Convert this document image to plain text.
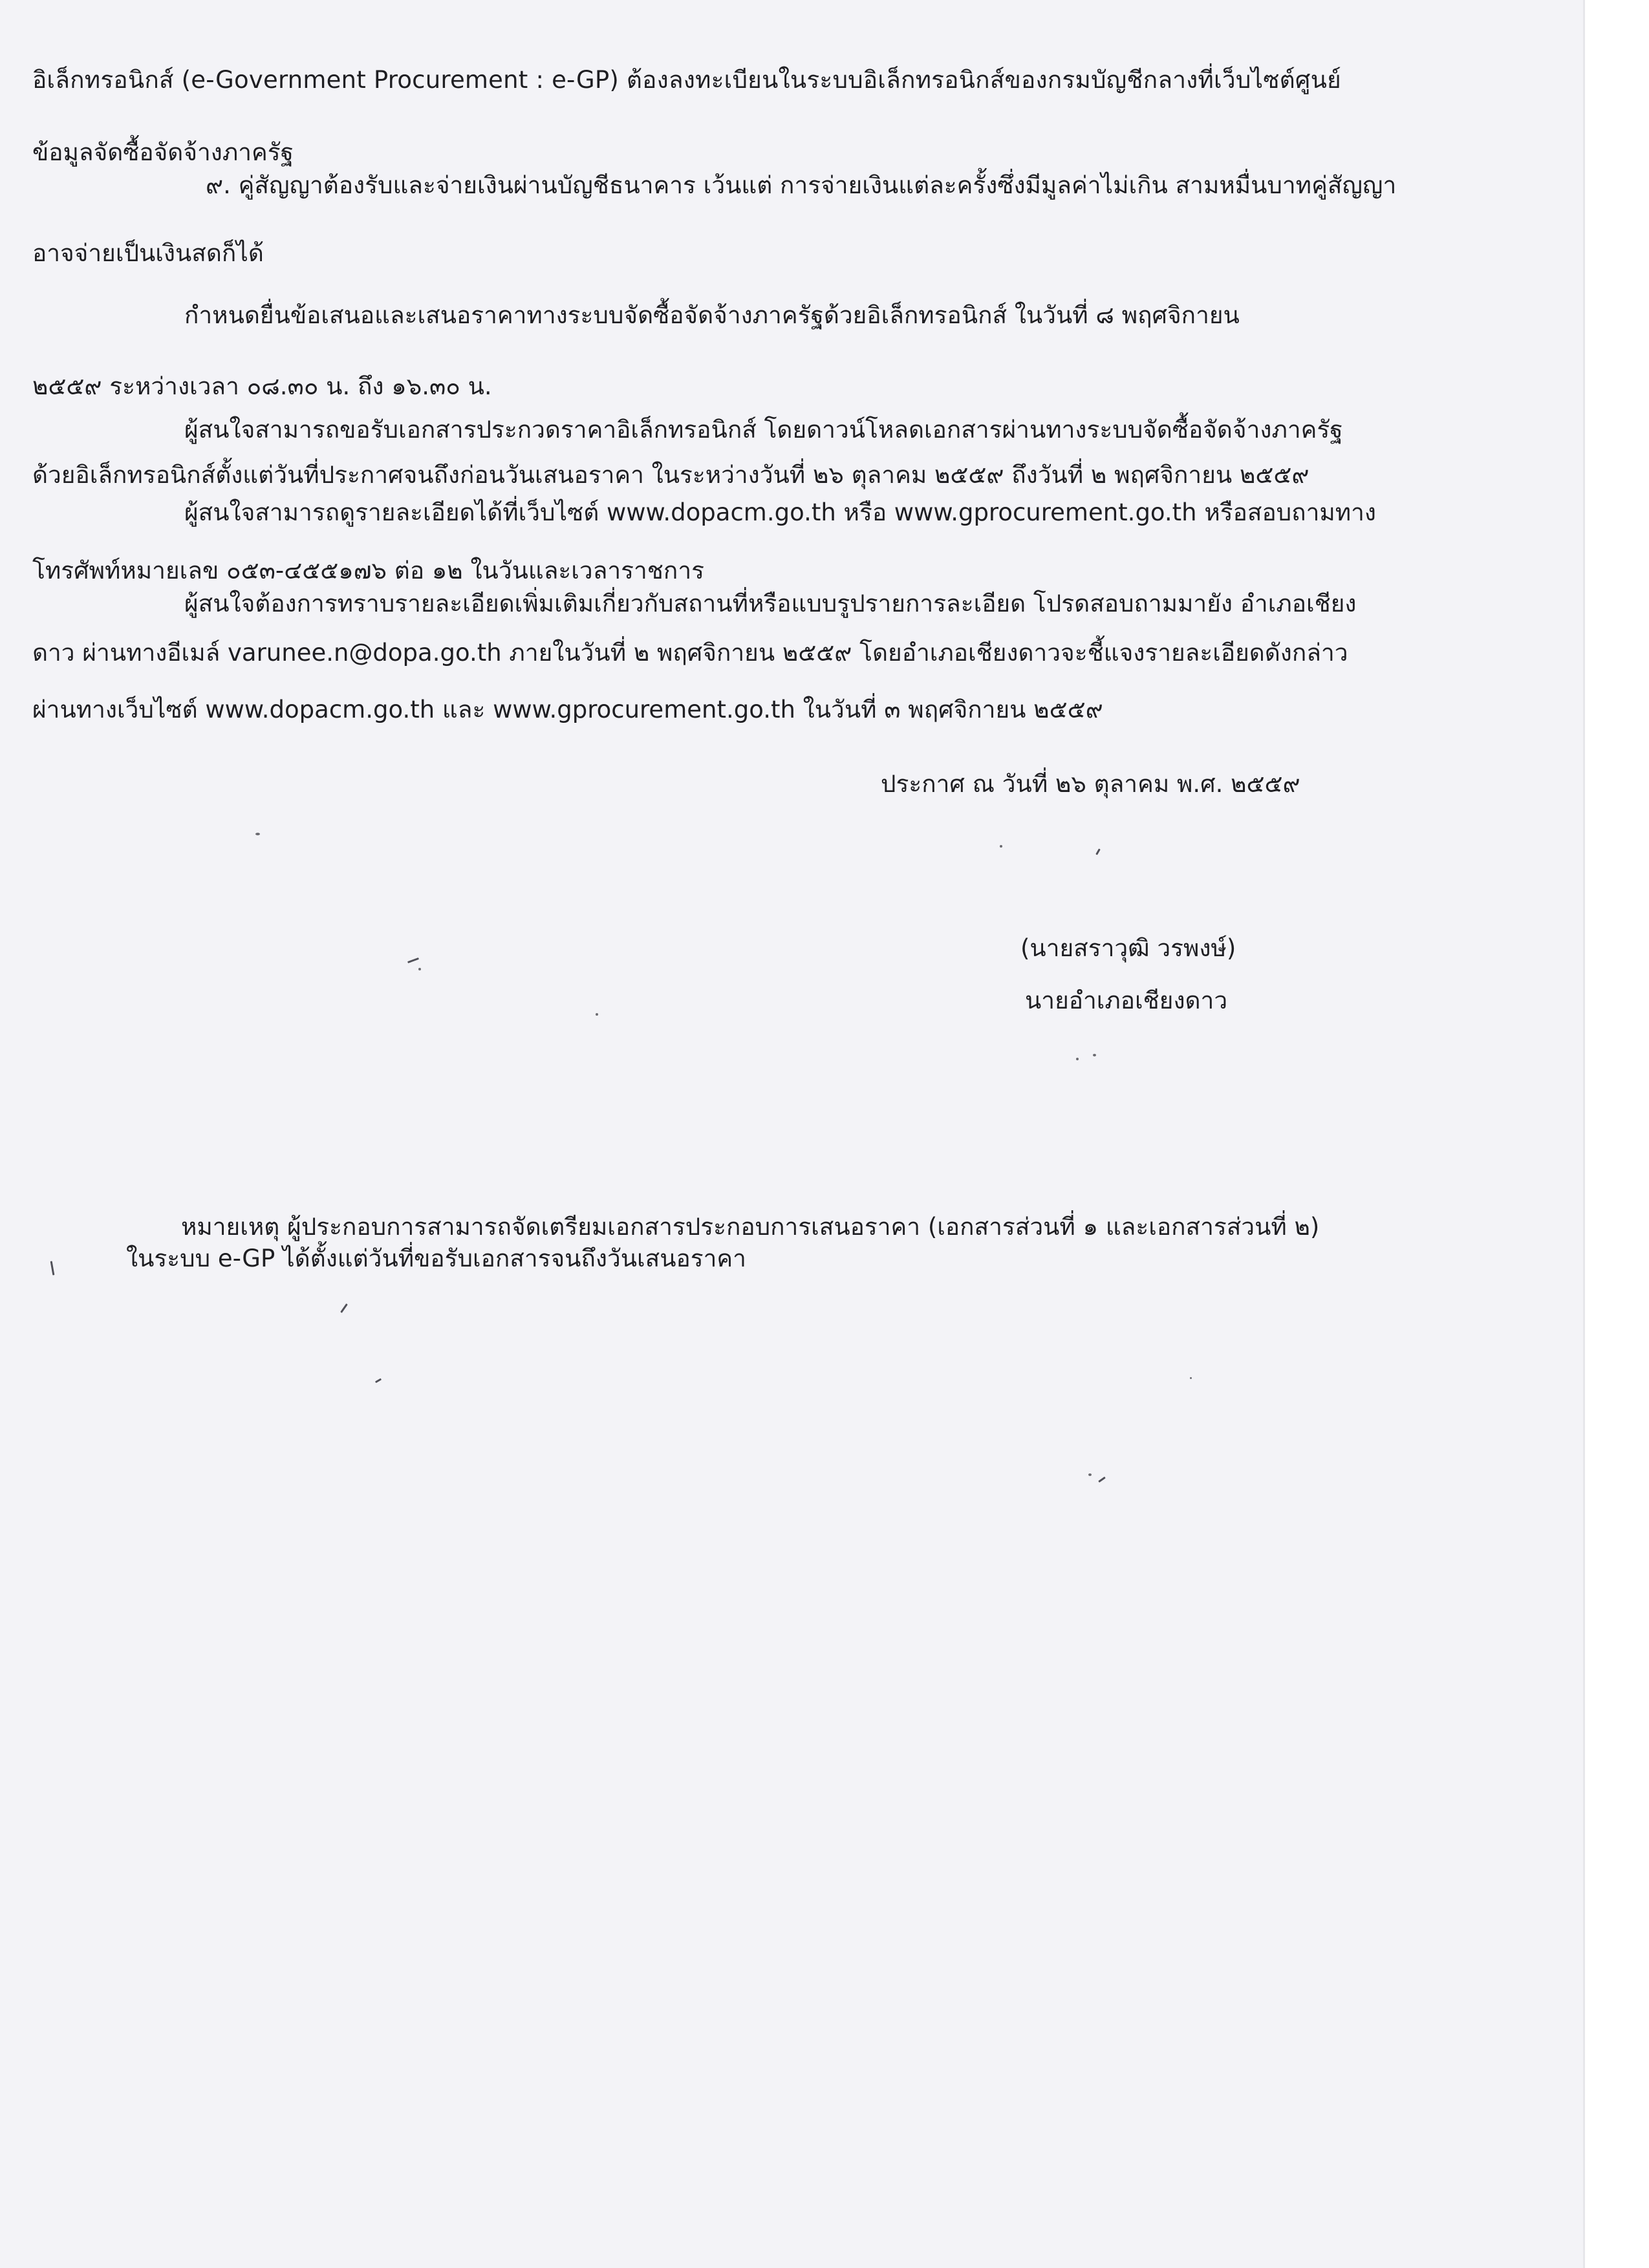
อิเล็กทรอนิกส์ (e-Government Procurement : e-GP) ต้องลงทะเบียนในระบบอิเล็กทรอนิกส์ของกรมบัญชีกลางที่เว็บไซต์ศูนย์
ข้อมูลจัดซื้อจัดจ้างภาครัฐ
๙. คู่สัญญาต้องรับและจ่ายเงินผ่านบัญชีธนาคาร เว้นแต่ การจ่ายเงินแต่ละครั้งซึ่งมีมูลค่าไม่เกิน สามหมื่นบาทคู่สัญญา
อาจจ่ายเป็นเงินสดก็ได้
กำหนดยื่นข้อเสนอและเสนอราคาทางระบบจัดซื้อจัดจ้างภาครัฐด้วยอิเล็กทรอนิกส์ ในวันที่ ๘ พฤศจิกายน
๒๕๕๙ ระหว่างเวลา ๐๘.๓๐ น. ถึง ๑๖.๓๐ น.
ผู้สนใจสามารถขอรับเอกสารประกวดราคาอิเล็กทรอนิกส์ โดยดาวน์โหลดเอกสารผ่านทางระบบจัดซื้อจัดจ้างภาครัฐ
ด้วยอิเล็กทรอนิกส์ตั้งแต่วันที่ประกาศจนถึงก่อนวันเสนอราคา ในระหว่างวันที่ ๒๖ ตุลาคม ๒๕๕๙ ถึงวันที่ ๒ พฤศจิกายน ๒๕๕๙
ผู้สนใจสามารถดูรายละเอียดได้ที่เว็บไซต์ www.dopacm.go.th หรือ www.gprocurement.go.th หรือสอบถามทาง
โทรศัพท์หมายเลข ๐๕๓-๔๕๕๑๗๖ ต่อ ๑๒ ในวันและเวลาราชการ
ผู้สนใจต้องการทราบรายละเอียดเพิ่มเติมเกี่ยวกับสถานที่หรือแบบรูปรายการละเอียด โปรดสอบถามมายัง อำเภอเชียง
ดาว ผ่านทางอีเมล์ varunee.n@dopa.go.th ภายในวันที่ ๒ พฤศจิกายน ๒๕๕๙ โดยอำเภอเชียงดาวจะชี้แจงรายละเอียดดังกล่าว
ผ่านทางเว็บไซต์ www.dopacm.go.th และ www.gprocurement.go.th ในวันที่ ๓ พฤศจิกายน ๒๕๕๙
ประกาศ ณ วันที่ ๒๖ ตุลาคม พ.ศ. ๒๕๕๙
(นายสราวุฒิ วรพงษ์)
นายอำเภอเชียงดาว
หมายเหตุ ผู้ประกอบการสามารถจัดเตรียมเอกสารประกอบการเสนอราคา (เอกสารส่วนที่ ๑ และเอกสารส่วนที่ ๒)
ในระบบ e-GP ได้ตั้งแต่วันที่ขอรับเอกสารจนถึงวันเสนอราคา
